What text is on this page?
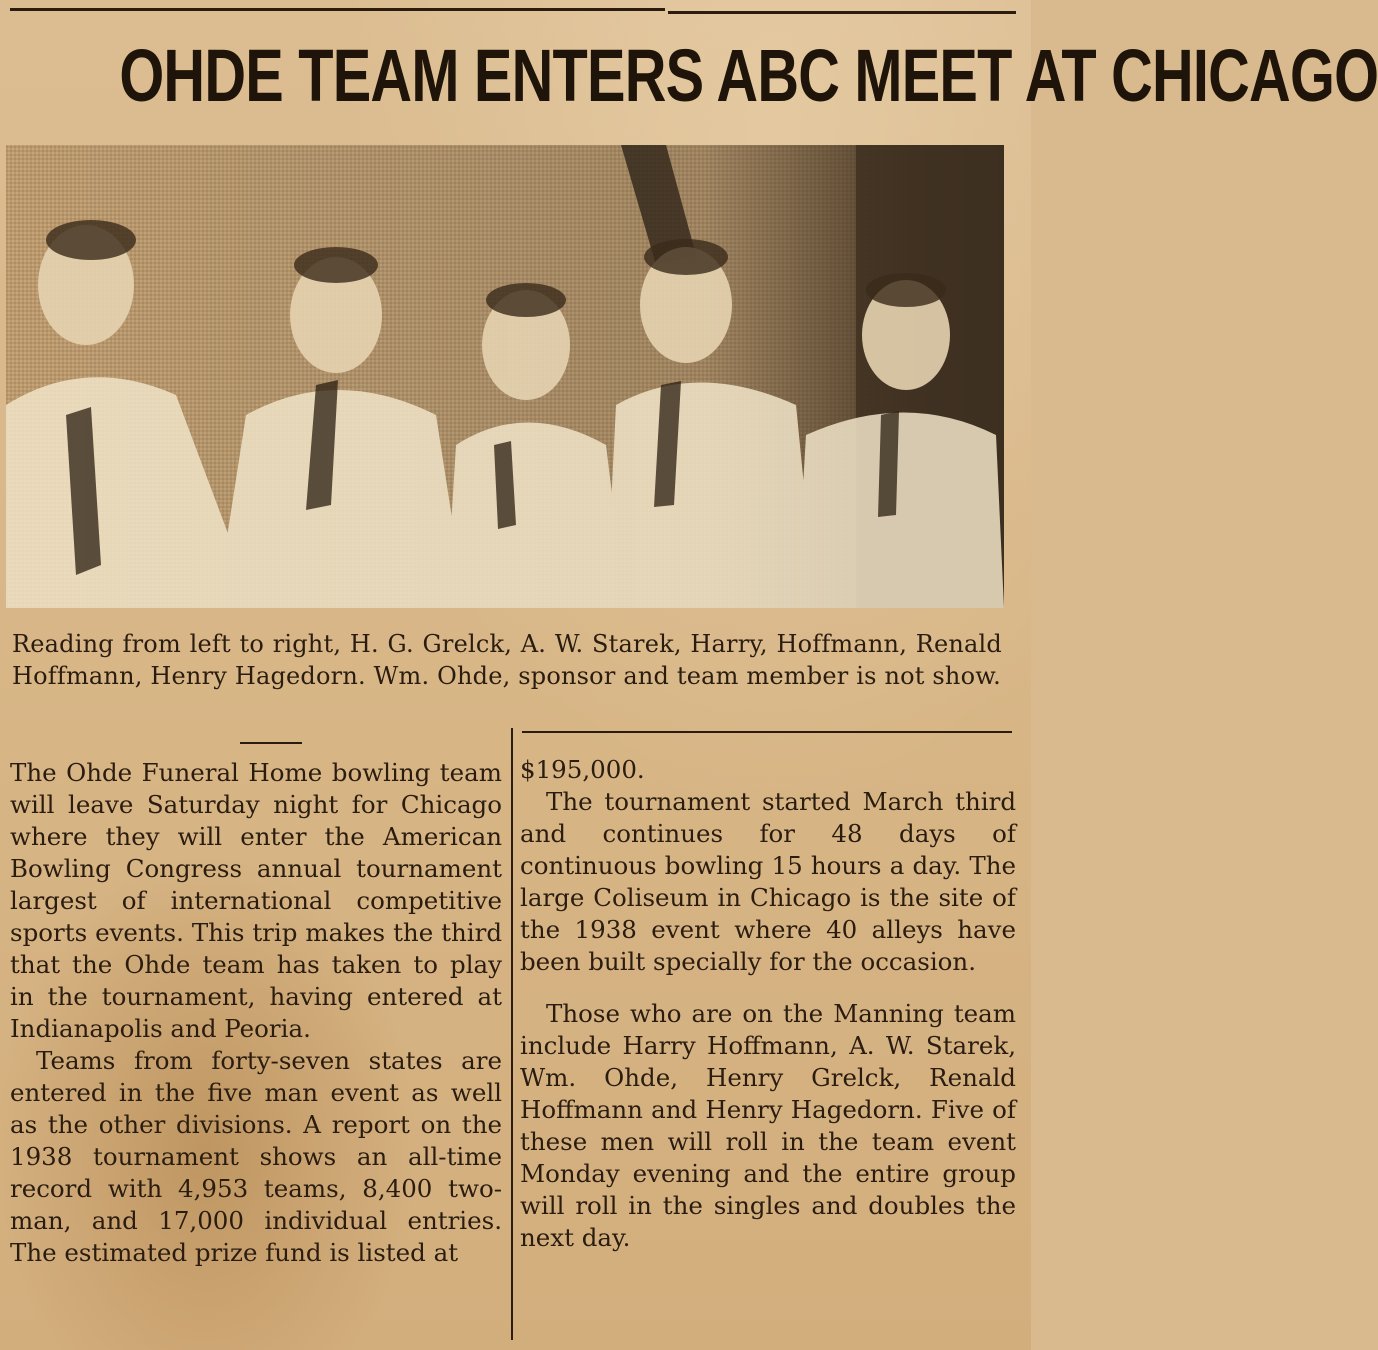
OHDE TEAM ENTERS ABC MEET AT CHICAGO
Reading from left to right, H. G. Grelck, A. W. Starek, Harry, Hoffmann, Renald Hoffmann, Henry Hagedorn. Wm. Ohde, sponsor and team member is not show.

The Ohde Funeral Home bowling team will leave Saturday night for Chicago where they will enter the American Bowling Congress annual tournament largest of international competitive sports events. This trip makes the third that the Ohde team has taken to play in the tournament, having entered at Indianapolis and Peoria.

Teams from forty-seven states are entered in the five man event as well as the other divisions. A report on the 1938 tournament shows an all-time record with 4,953 teams, 8,400 two-man, and 17,000 individual entries. The estimated prize fund is listed at

$195,000.

The tournament started March third and continues for 48 days of continuous bowling 15 hours a day. The large Coliseum in Chicago is the site of the 1938 event where 40 alleys have been built specially for the occasion.

Those who are on the Manning team include Harry Hoffmann, A. W. Starek, Wm. Ohde, Henry Grelck, Renald Hoffmann and Henry Hagedorn. Five of these men will roll in the team event Monday evening and the entire group will roll in the singles and doubles the next day.
